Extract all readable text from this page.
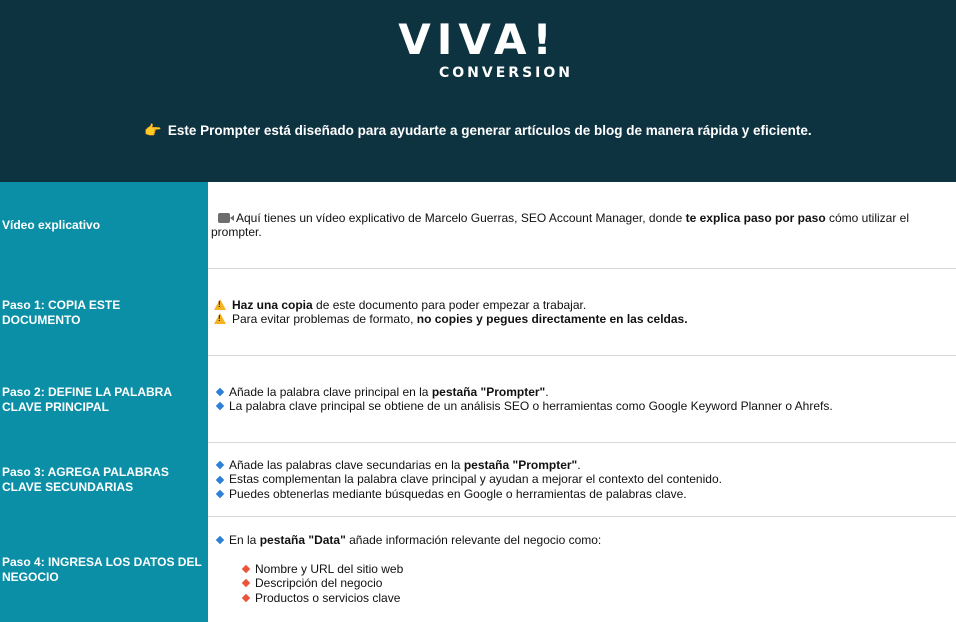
VIVA!
CONVERSION
👉 Este Prompter está diseñado para ayudarte a generar artículos de blog de manera rápida y eficiente.
Vídeo explicativo
Aquí tienes un vídeo explicativo de Marcelo Guerras, SEO Account Manager, donde te explica paso por paso cómo utilizar el
prompter.
Paso 1: COPIA ESTE DOCUMENTO
!Haz una copia de este documento para poder empezar a trabajar.
!Para evitar problemas de formato, no copies y pegues directamente en las celdas.
Paso 2: DEFINE LA PALABRA CLAVE PRINCIPAL
Añade la palabra clave principal en la pestaña "Prompter".
La palabra clave principal se obtiene de un análisis SEO o herramientas como Google Keyword Planner o Ahrefs.
Paso 3: AGREGA PALABRAS CLAVE SECUNDARIAS
Añade las palabras clave secundarias en la pestaña "Prompter".
Estas complementan la palabra clave principal y ayudan a mejorar el contexto del contenido.
Puedes obtenerlas mediante búsquedas en Google o herramientas de palabras clave.
Paso 4: INGRESA LOS DATOS DEL NEGOCIO
En la pestaña "Data" añade información relevante del negocio como:
Nombre y URL del sitio web
Descripción del negocio
Productos o servicios clave
